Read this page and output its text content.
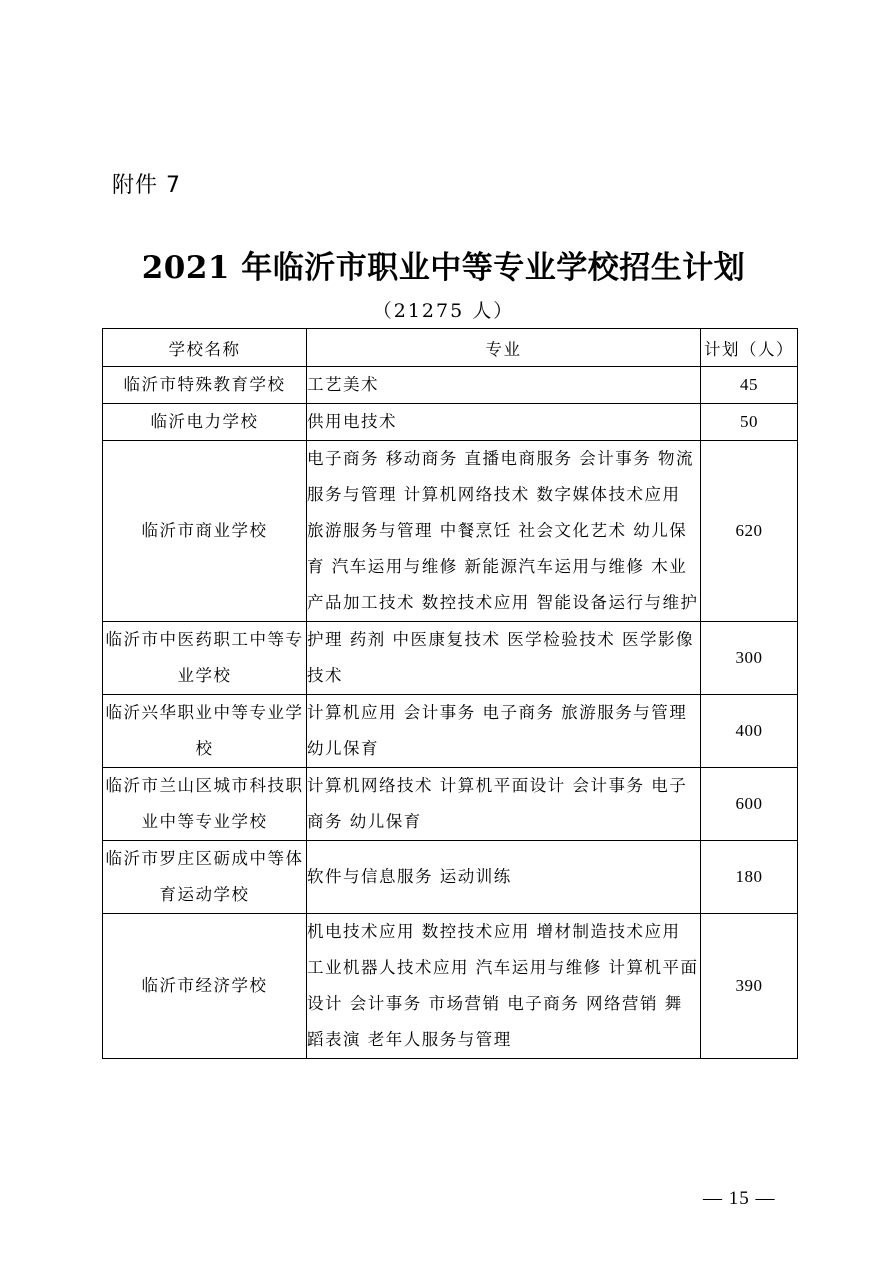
附件 7
2021 年临沂市职业中等专业学校招生计划
（21275 人）
学校名称	专业	计划（人）
临沂市特殊教育学校	工艺美术	45
临沂电力学校	供用电技术	50
临沂市商业学校	电子商务 移动商务 直播电商服务 会计事务 物流服务与管理 计算机网络技术 数字媒体技术应用 旅游服务与管理 中餐烹饪 社会文化艺术 幼儿保育 汽车运用与维修 新能源汽车运用与维修 木业产品加工技术 数控技术应用 智能设备运行与维护	620
临沂市中医药职工中等专业学校	护理 药剂 中医康复技术 医学检验技术 医学影像技术	300
临沂兴华职业中等专业学校	计算机应用 会计事务 电子商务 旅游服务与管理 幼儿保育	400
临沂市兰山区城市科技职业中等专业学校	计算机网络技术 计算机平面设计 会计事务 电子商务 幼儿保育	600
临沂市罗庄区砺成中等体育运动学校	软件与信息服务 运动训练	180
临沂市经济学校	机电技术应用 数控技术应用 增材制造技术应用 工业机器人技术应用 汽车运用与维修 计算机平面设计 会计事务 市场营销 电子商务 网络营销 舞蹈表演 老年人服务与管理	390
— 15 —
